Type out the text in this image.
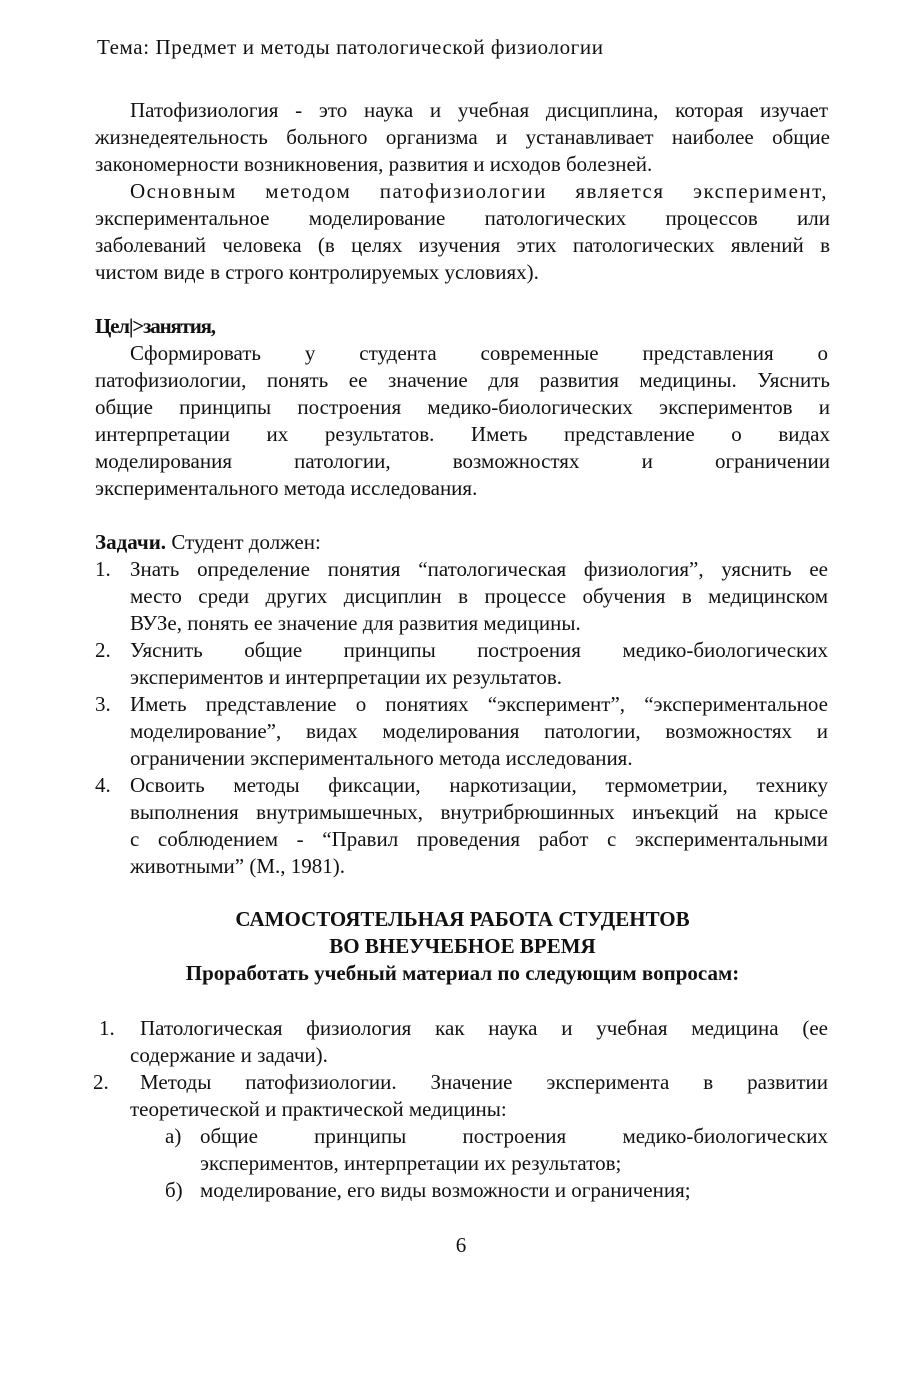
Тема: Предмет и методы патологической физиологии
Патофизиология - это наука и учебная дисциплина, которая изучает
жизнедеятельность больного организма и устанавливает наиболее общие
закономерности возникновения, развития и исходов болезней.
Основным методом патофизиологии является эксперимент,
экспериментальное моделирование патологических процессов или
заболеваний человека (в целях изучения этих патологических явлений в
чистом виде в строго контролируемых условиях).
Цел|>занятия,
Сформировать у студента современные представления о
патофизиологии, понять ее значение для развития медицины. Уяснить
общие принципы построения медико-биологических экспериментов и
интерпретации их результатов. Иметь представление о видах
моделирования патологии, возможностях и ограничении
экспериментального метода исследования.
Задачи. Студент должен:
1. Знать определение понятия “патологическая физиология”, уяснить ее
место среди других дисциплин в процессе обучения в медицинском
ВУЗе, понять ее значение для развития медицины.
2. Уяснить общие принципы построения медико-биологических
экспериментов и интерпретации их результатов.
3. Иметь представление о понятиях “эксперимент”, “экспериментальное
моделирование”, видах моделирования патологии, возможностях и
ограничении экспериментального метода исследования.
4. Освоить методы фиксации, наркотизации, термометрии, технику
выполнения внутримышечных, внутрибрюшинных инъекций на крысе
с соблюдением - “Правил проведения работ с экспериментальными
животными” (М., 1981).
САМОСТОЯТЕЛЬНАЯ РАБОТА СТУДЕНТОВ
ВО ВНЕУЧЕБНОЕ ВРЕМЯ
Проработать учебный материал по следующим вопросам:
1. Патологическая физиология как наука и учебная медицина (ее
содержание и задачи).
2. Методы патофизиологии. Значение эксперимента в развитии
теоретической и практической медицины:
а) общие принципы построения медико-биологических
экспериментов, интерпретации их результатов;
б) моделирование, его виды возможности и ограничения;
6
